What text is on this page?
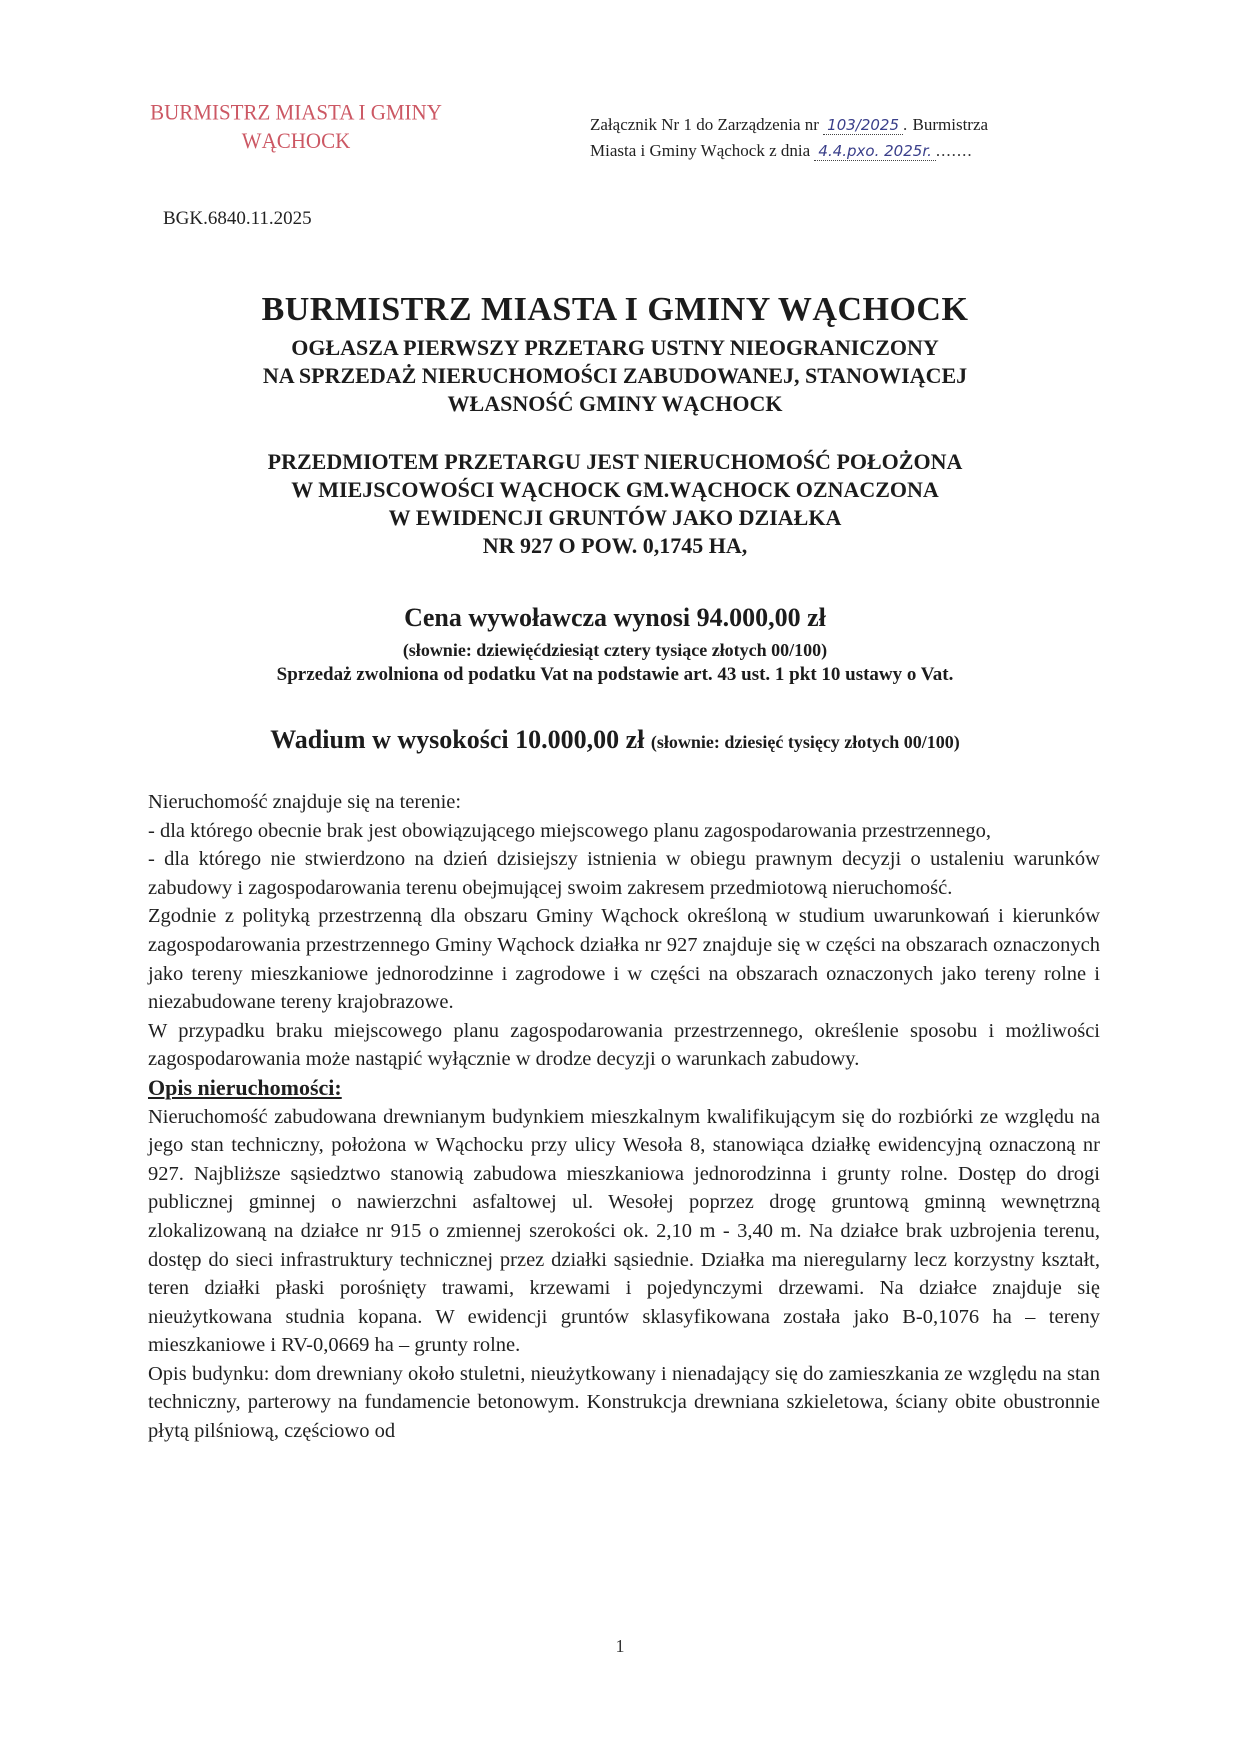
BURMISTRZ MIASTA I GMINY
WĄCHOCK
Załącznik Nr 1 do Zarządzenia nr 103/2025 . Burmistrza
Miasta i Gminy Wąchock z dnia 4.4.pxo. 2025r. .......
BGK.6840.11.2025
BURMISTRZ MIASTA I GMINY WĄCHOCK
OGŁASZA PIERWSZY PRZETARG USTNY NIEOGRANICZONY
NA SPRZEDAŻ NIERUCHOMOŚCI ZABUDOWANEJ, STANOWIĄCEJ
WŁASNOŚĆ GMINY WĄCHOCK
PRZEDMIOTEM PRZETARGU JEST NIERUCHOMOŚĆ POŁOŻONA
W MIEJSCOWOŚCI WĄCHOCK GM.WĄCHOCK OZNACZONA
W EWIDENCJI GRUNTÓW JAKO DZIAŁKA
NR 927 O POW. 0,1745 HA,
Cena wywoławcza wynosi 94.000,00 zł
(słownie: dziewięćdziesiąt cztery tysiące złotych 00/100)
Sprzedaż zwolniona od podatku Vat na podstawie art. 43 ust. 1 pkt 10 ustawy o Vat.
Wadium w wysokości 10.000,00 zł (słownie: dziesięć tysięcy złotych 00/100)

Nieruchomość znajduje się na terenie:

- dla którego obecnie brak jest obowiązującego miejscowego planu zagospodarowania przestrzennego,

- dla którego nie stwierdzono na dzień dzisiejszy istnienia w obiegu prawnym decyzji o ustaleniu warunków zabudowy i zagospodarowania terenu obejmującej swoim zakresem przedmiotową nieruchomość.

Zgodnie z polityką przestrzenną dla obszaru Gminy Wąchock określoną w studium uwarunkowań i kierunków zagospodarowania przestrzennego Gminy Wąchock działka nr 927 znajduje się w części na obszarach oznaczonych jako tereny mieszkaniowe jednorodzinne i zagrodowe i w części na obszarach oznaczonych jako tereny rolne i niezabudowane tereny krajobrazowe.

W przypadku braku miejscowego planu zagospodarowania przestrzennego, określenie sposobu i możliwości zagospodarowania może nastąpić wyłącznie w drodze decyzji o warunkach zabudowy.

Opis nieruchomości:

Nieruchomość zabudowana drewnianym budynkiem mieszkalnym kwalifikującym się do rozbiórki ze względu na jego stan techniczny, położona w Wąchocku przy ulicy Wesoła 8, stanowiąca działkę ewidencyjną oznaczoną nr 927. Najbliższe sąsiedztwo stanowią zabudowa mieszkaniowa jednorodzinna i grunty rolne. Dostęp do drogi publicznej gminnej o nawierzchni asfaltowej ul. Wesołej poprzez drogę gruntową gminną wewnętrzną zlokalizowaną na działce nr 915 o zmiennej szerokości ok. 2,10 m - 3,40 m. Na działce brak uzbrojenia terenu, dostęp do sieci infrastruktury technicznej przez działki sąsiednie. Działka ma nieregularny lecz korzystny kształt, teren działki płaski porośnięty trawami, krzewami i pojedynczymi drzewami. Na działce znajduje się nieużytkowana studnia kopana. W ewidencji gruntów sklasyfikowana została jako B-0,1076 ha – tereny mieszkaniowe i RV-0,0669 ha – grunty rolne.

Opis budynku: dom drewniany około stuletni, nieużytkowany i nienadający się do zamieszkania ze względu na stan techniczny, parterowy na fundamencie betonowym. Konstrukcja drewniana szkieletowa, ściany obite obustronnie płytą pilśniową, częściowo od

1
